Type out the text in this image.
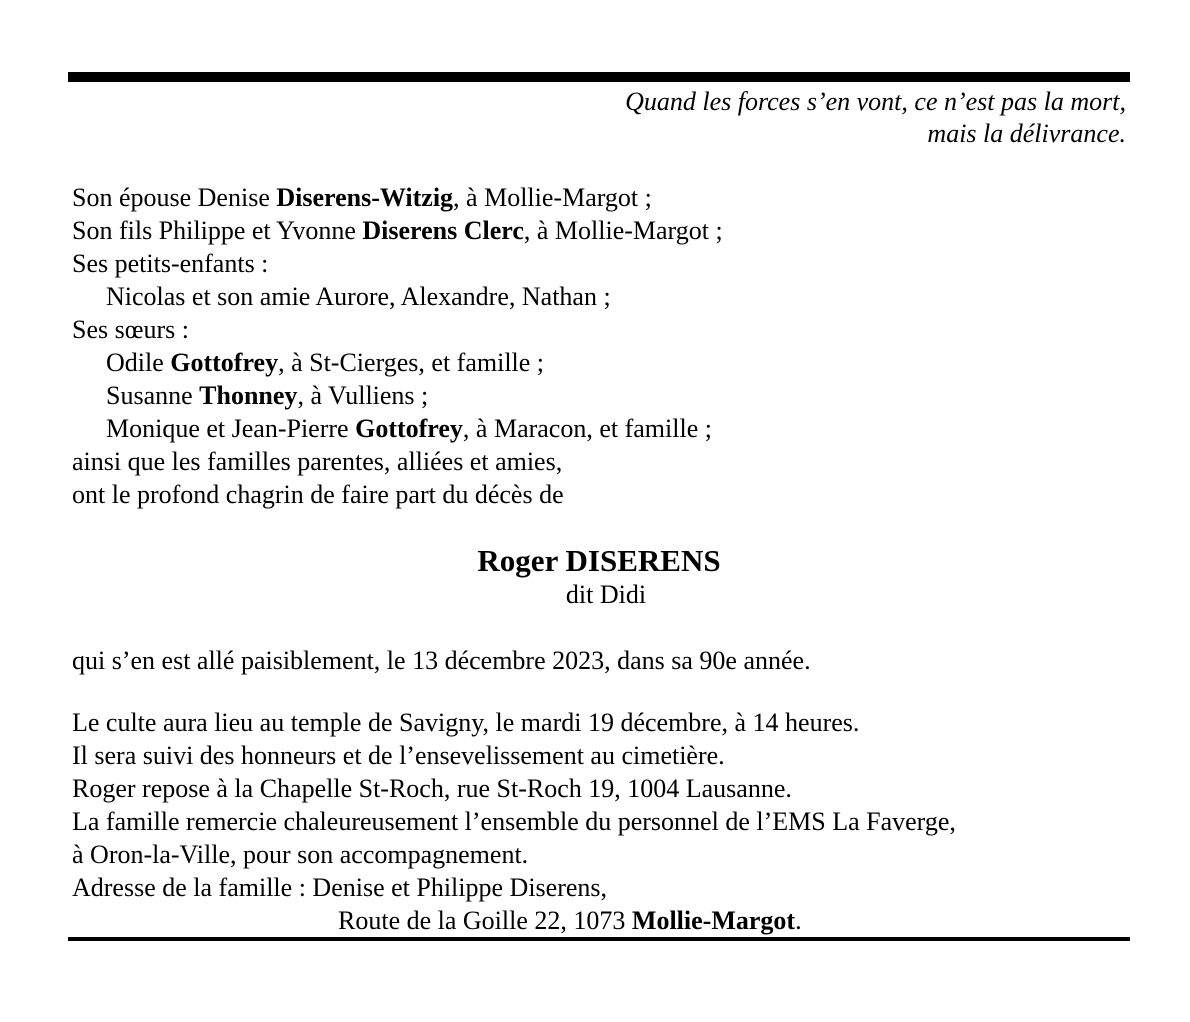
Quand les forces s’en vont, ce n’est pas la mort,
mais la délivrance.
Son épouse Denise Diserens-Witzig, à Mollie-Margot ;
Son fils Philippe et Yvonne Diserens Clerc, à Mollie-Margot ;
Ses petits-enfants :
Nicolas et son amie Aurore, Alexandre, Nathan ;
Ses sœurs :
Odile Gottofrey, à St-Cierges, et famille ;
Susanne Thonney, à Vulliens ;
Monique et Jean-Pierre Gottofrey, à Maracon, et famille ;
ainsi que les familles parentes, alliées et amies,
ont le profond chagrin de faire part du décès de
Roger DISERENS
dit Didi
qui s’en est allé paisiblement, le 13 décembre 2023, dans sa 90e année.
Le culte aura lieu au temple de Savigny, le mardi 19 décembre, à 14 heures.
Il sera suivi des honneurs et de l’ensevelissement au cimetière.
Roger repose à la Chapelle St-Roch, rue St-Roch 19, 1004 Lausanne.
La famille remercie chaleureusement l’ensemble du personnel de l’EMS La Faverge,
à Oron-la-Ville, pour son accompagnement.
Adresse de la famille : Denise et Philippe Diserens,
Route de la Goille 22, 1073 Mollie-Margot.
